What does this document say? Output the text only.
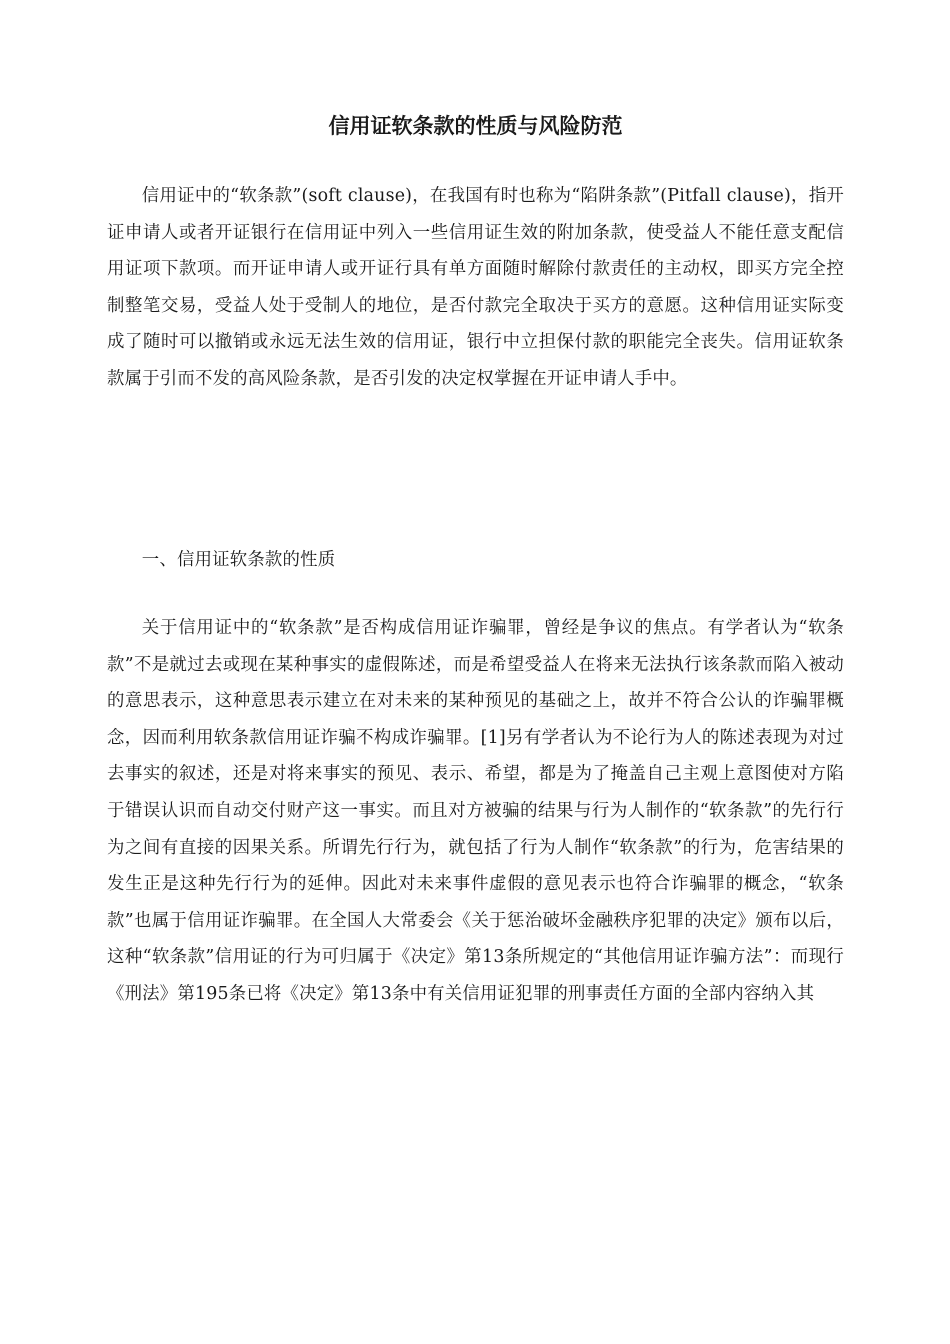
信用证软条款的性质与风险防范

信用证中的“软条款”(soft clause)，在我国有时也称为“陷阱条款”(Pitfall clause)，指开证申请人或者开证银行在信用证中列入一些信用证生效的附加条款，使受益人不能任意支配信用证项下款项。而开证申请人或开证行具有单方面随时解除付款责任的主动权，即买方完全控制整笔交易，受益人处于受制人的地位，是否付款完全取决于买方的意愿。这种信用证实际变成了随时可以撤销或永远无法生效的信用证，银行中立担保付款的职能完全丧失。信用证软条款属于引而不发的高风险条款，是否引发的决定权掌握在开证申请人手中。

一、信用证软条款的性质

关于信用证中的“软条款”是否构成信用证诈骗罪，曾经是争议的焦点。有学者认为“软条款”不是就过去或现在某种事实的虚假陈述，而是希望受益人在将来无法执行该条款而陷入被动的意思表示，这种意思表示建立在对未来的某种预见的基础之上，故并不符合公认的诈骗罪概念，因而利用软条款信用证诈骗不构成诈骗罪。[1]另有学者认为不论行为人的陈述表现为对过去事实的叙述，还是对将来事实的预见、表示、希望，都是为了掩盖自己主观上意图使对方陷于错误认识而自动交付财产这一事实。而且对方被骗的结果与行为人制作的“软条款”的先行行为之间有直接的因果关系。所谓先行行为，就包括了行为人制作“软条款”的行为，危害结果的发生正是这种先行行为的延伸。因此对未来事件虚假的意见表示也符合诈骗罪的概念，“软条款”也属于信用证诈骗罪。在全国人大常委会《关于惩治破坏金融秩序犯罪的决定》颁布以后，这种“软条款”信用证的行为可归属于《决定》第13条所规定的“其他信用证诈骗方法”：而现行《刑法》第195条已将《决定》第13条中有关信用证犯罪的刑事责任方面的全部内容纳入其
